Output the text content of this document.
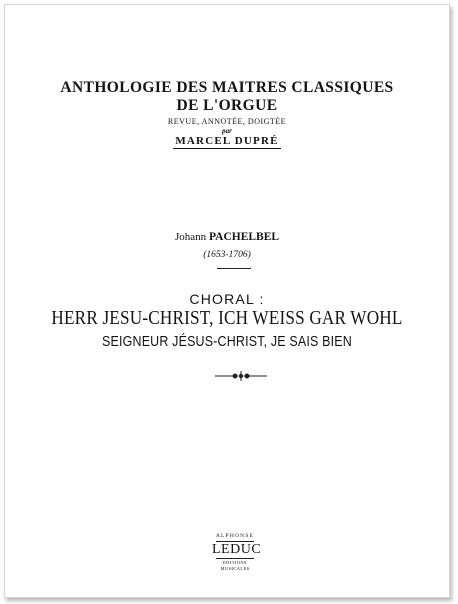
ANTHOLOGIE DES MAITRES CLASSIQUES
DE L'ORGUE
REVUE, ANNOTÉE, DOIGTÉE
par
MARCEL DUPRÉ
Johann PACHELBEL
(1653-1706)
CHORAL :
HERR JESU-CHRIST, ICH WEISS GAR WOHL
SEIGNEUR JÉSUS-CHRIST, JE SAIS BIEN
ALPHONSE
LEDUC
EDITIONS MUSICALES
